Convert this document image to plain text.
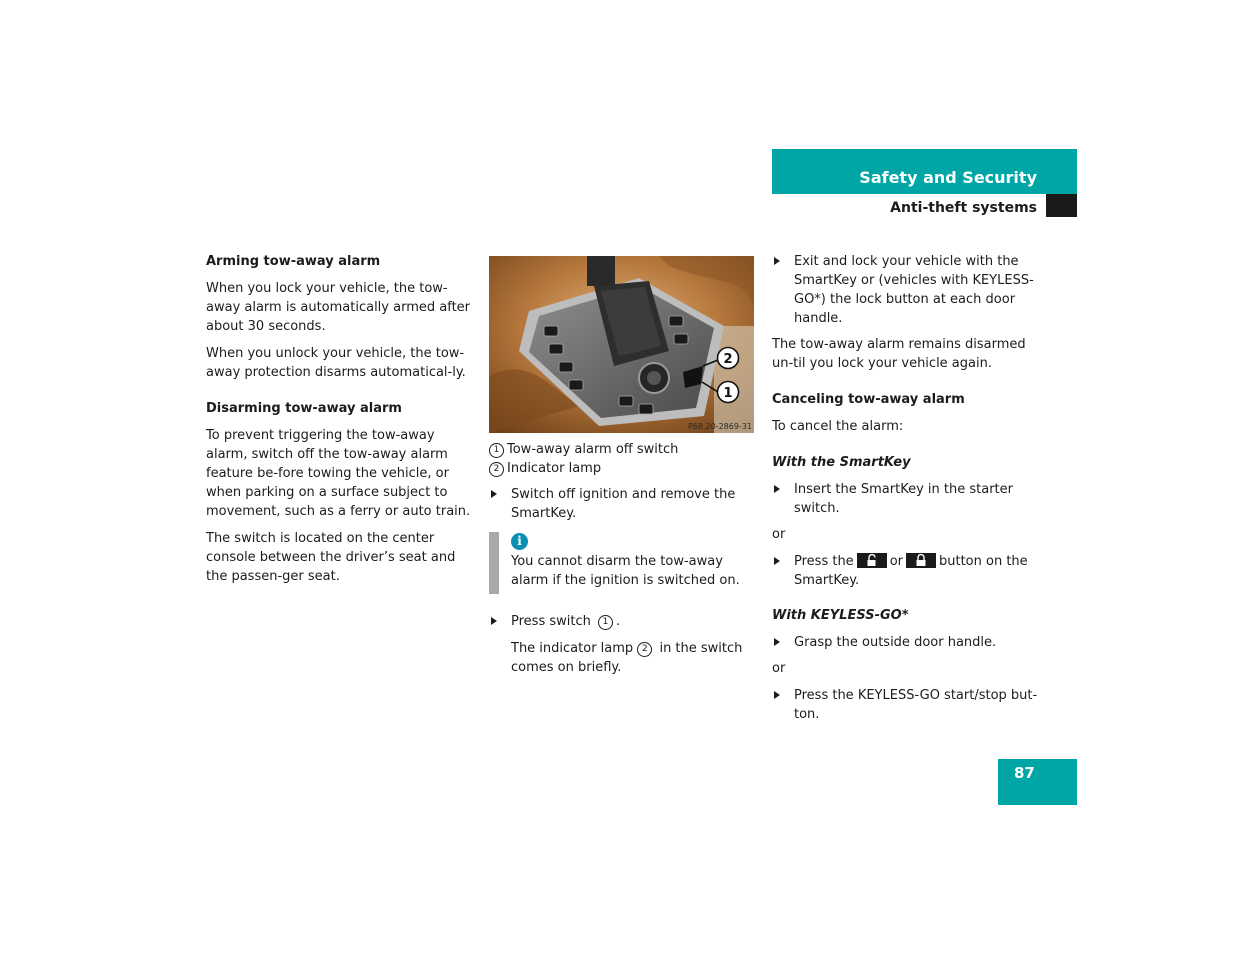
Safety and Security
Anti-theft systems

Arming tow-away alarm

When you lock your vehicle, the tow-away alarm is automatically armed after about 30 seconds.

When you unlock your vehicle, the tow-away protection disarms automatical-ly.

Disarming tow-away alarm

To prevent triggering the tow-away alarm, switch off the tow-away alarm feature be-fore towing the vehicle, or when parking on a surface subject to movement, such as a ferry or auto train.

The switch is located on the center console between the driver’s seat and the passen-ger seat.

2
1
P68.20-2869-31

1 Tow-away alarm off switch

2 Indicator lamp

Switch off ignition and remove the SmartKey.
i

You cannot disarm the tow-away alarm if the ignition is switched on.

Press switch 1 .

The indicator lamp 2 in the switch comes on briefly.

Exit and lock your vehicle with the SmartKey or (vehicles with KEYLESS-GO*) the lock button at each door handle.

The tow-away alarm remains disarmed un-til you lock your vehicle again.

Canceling tow-away alarm

To cancel the alarm:

With the SmartKey

Insert the SmartKey in the starter switch.

or

Press the	or	button on the SmartKey.

With KEYLESS-GO*

Grasp the outside door handle.

or

Press the KEYLESS-GO start/stop but-ton.
87
